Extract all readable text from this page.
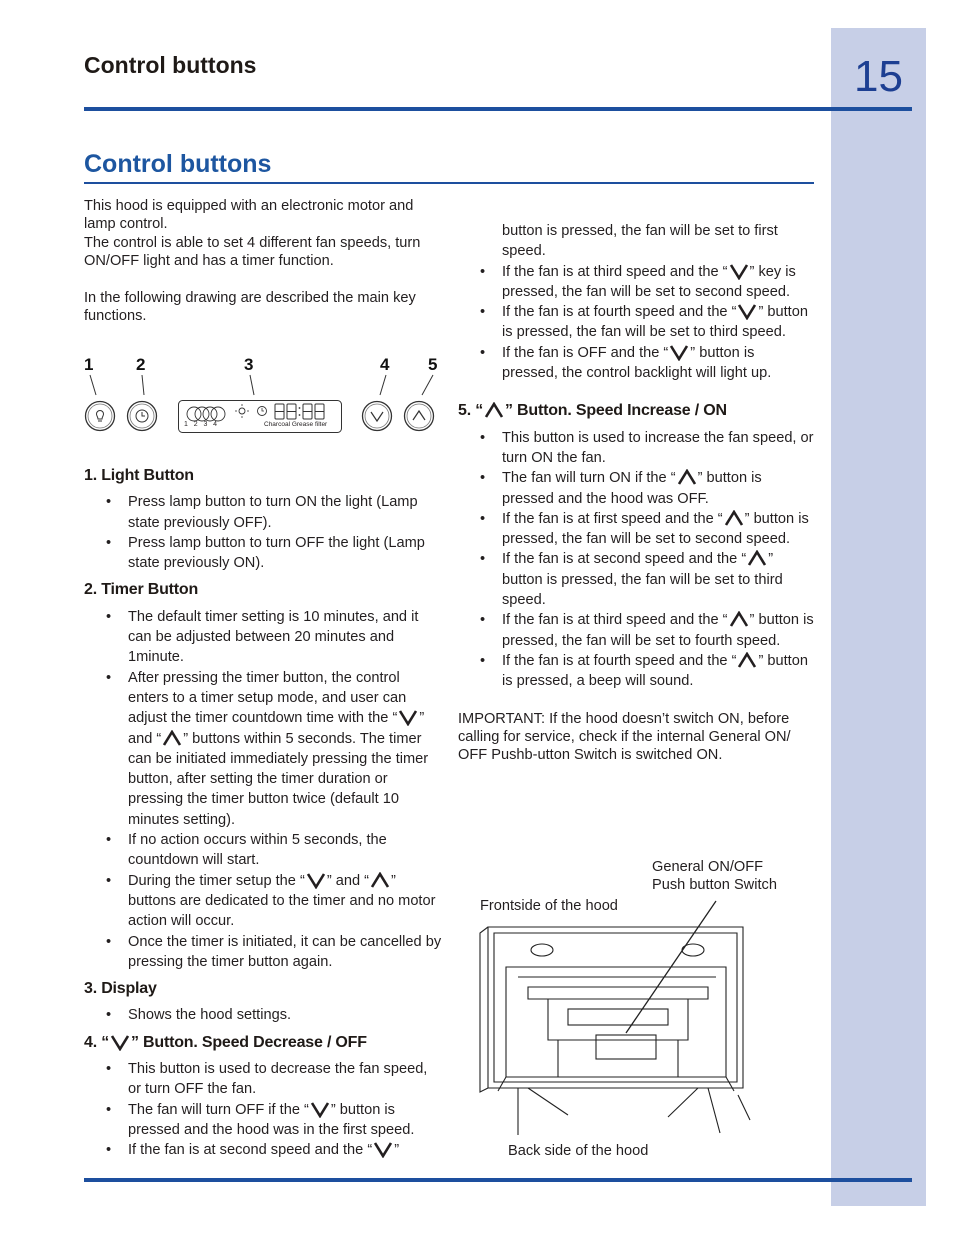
15
Control buttons
Control buttons

This hood is equipped with an electronic motor and lamp control.

The control is able to set 4 different fan speeds, turn ON/OFF light and has a timer function.

In the following drawing are described the main key functions.

1	2	3	4 5
1   2   3   4	Charcoal Grease filter
1. Light Button
• Press lamp button to turn ON the light (Lamp state previously OFF).
• Press lamp button to turn OFF the light (Lamp state previously ON).
2. Timer Button
• The default timer setting is 10 minutes, and it can be adjusted between 20 minutes and 1minute.
• After pressing the timer button, the control enters to a timer setup mode, and user can adjust the timer countdown time with the “ ” and “ ” buttons within 5 seconds. The timer can be initiated immediately pressing the timer button, after setting the timer duration or pressing the timer button twice (default 10 minutes setting).
• If no action occurs within 5 seconds, the countdown will start.
• During the timer setup the “ ” and “ ” buttons are dedicated to the timer and no motor action will occur.
• Once the timer is initiated, it can be cancelled by pressing the timer button again.
3. Display
• Shows the hood settings.
4. “ ” Button. Speed Decrease / OFF
• This button is used to decrease the fan speed, or turn OFF the fan.
• The fan will turn OFF if the “ ” button is pressed and the hood was in the first speed.
• If the fan is at second speed and the “ ”
button is pressed, the fan will be set to first speed.
• If the fan is at third speed and the “ ” key is pressed, the fan will be set to second speed.
• If the fan is at fourth speed and the “ ” button is pressed, the fan will be set to third speed.
• If the fan is OFF and the “ ” button is pressed, the control backlight will light up.
5. “ ” Button. Speed Increase / ON
• This button is used to increase the fan speed, or turn ON the fan.
• The fan will turn ON if the “ ” button is pressed and the hood was OFF.
• If the fan is at first speed and the “ ” button is pressed, the fan will be set to second speed.
• If the fan is at second speed and the “ ” button is pressed, the fan will be set to third speed.
• If the fan is at third speed and the “ ” button is pressed, the fan will be set to fourth speed.
• If the fan is at fourth speed and the “ ” button is pressed, a beep will sound.

IMPORTANT: If the hood doesn’t switch ON, before calling for service, check if the internal General ON/ OFF Pushb-utton Switch is switched ON.

General ON/OFF
Push button Switch
Frontside of the hood
Back side of the hood
